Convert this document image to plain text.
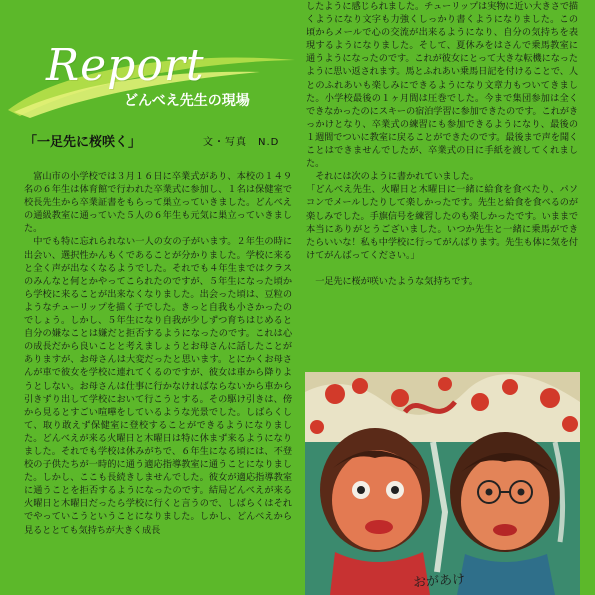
Report
どんべえ先生の現場
「一足先に桜咲く」	文・写真　N.D

富山市の小学校では３月１６日に卒業式があり、本校の１４９名の６年生は体育館で行われた卒業式に参加し、１名は保健室で校長先生から卒業証書をもらって巣立っていきました。どんべえの通級教室に通っていた５人の６年生も元気に巣立っていきました。

中でも特に忘れられない一人の女の子がいます。２年生の時に出会い、選択性かんもくであることが分かりました。学校に来ると全く声が出なくなるようでした。それでも４年生まではクラスのみんなと何とかやってこられたのですが、５年生になった頃から学校に来ることが出来なくなりました。出会った頃は、豆粒のようなチューリップを描く子でした。きっと自我も小さかったのでしょう。しかし、５年生になり自我が少しずつ育ちはじめると自分の嫌なことは嫌だと拒否するようになったのです。これは心の成長だから良いことと考えましょうとお母さんに話したことがありますが、お母さんは大変だったと思います。とにかくお母さんが車で彼女を学校に連れてくるのですが、彼女は車から降りようとしない。お母さんは仕事に行かなければならないから車から引きずり出して学校において行こうとする。その駆け引きは、傍から見るとすごい喧嘩をしているような光景でした。しばらくして、取り敢えず保健室に登校することができるようになりました。どんべえが来る火曜日と木曜日は特に休まず来るようになりました。それでも学校は休みがちで、６年生になる頃には、不登校の子供たちが一時的に通う適応指導教室に通うことになりました。しかし、ここも長続きしませんでした。彼女が適応指導教室に通うことを拒否するようになったのです。結局どんべえが来る火曜日と木曜日だったら学校に行くと言うので、しばらくはそれでやっていこうということになりました。しかし、どんべえから見るととても気持ちが大きく成長

したように感じられました。チューリップは実物に近い大きさで描くようになり文字も力強くしっかり書くようになりました。この頃からメールで心の交流が出来るようになり、自分の気持ちを表現するようになりました。そして、夏休みをはさんで乗馬教室に通うようになったのです。これが彼女にとって大きな転機になったように思い返されます。馬とふれあい乗馬日記を付けることで、人とのふれあいも楽しみにできるようになり文章力もついてきました。小学校最後の１ヶ月間は圧巻でした。今まで集団参加は全くできなかったのにスキーの宿泊学習に参加できたのです。これがきっかけとなり、卒業式の練習にも参加できるようになり、最後の１週間でついに教室に戻ることができたのです。最後まで声を聞くことはできませんでしたが、卒業式の日に手紙を渡してくれました。

それには次のように書かれていました。

「どんべえ先生、火曜日と木曜日に一緒に給食を食べたり、パソコンでメールしたりして楽しかったです。先生と給食を食べるのが楽しみでした。手旗信号を練習したのも楽しかったです。いままで本当にありがとうございました。いつか先生と一緒に乗馬ができたらいいな！私も中学校に行ってがんばります。先生も体に気を付けてがんばってください。」

一足先に桜が咲いたような気持ちです。

おがあけ
